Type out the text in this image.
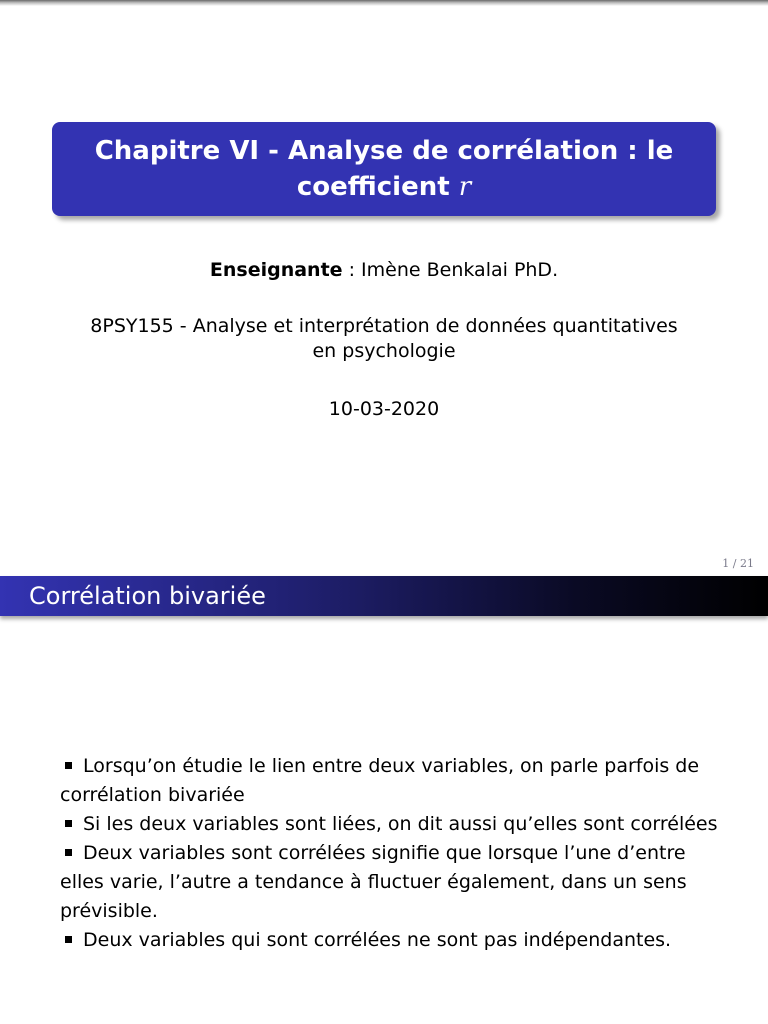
Chapitre VI - Analyse de corrélation : le coefficient r
Enseignante : Imène Benkalai PhD.
8PSY155 - Analyse et interprétation de données quantitatives en psychologie
10-03-2020
1 / 21
Corrélation bivariée
Lorsqu’on étudie le lien entre deux variables, on parle parfois de corrélation bivariée
Si les deux variables sont liées, on dit aussi qu’elles sont corrélées
Deux variables sont corrélées signifie que lorsque l’une d’entre elles varie, l’autre a tendance à fluctuer également, dans un sens prévisible.
Deux variables qui sont corrélées ne sont pas indépendantes.
